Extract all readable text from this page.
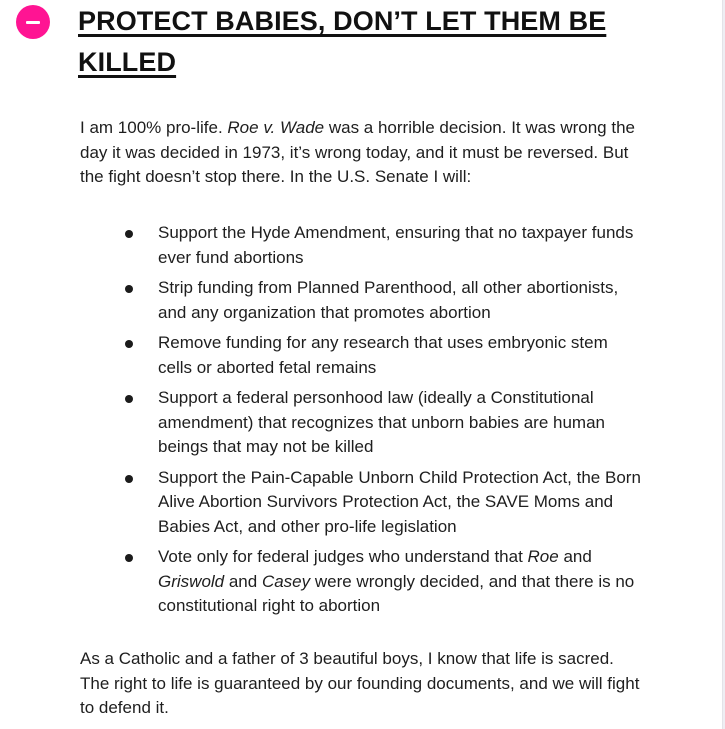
PROTECT BABIES, DON’T LET THEM BE KILLED

I am 100% pro-life. Roe v. Wade was a horrible decision. It was wrong the day it was decided in 1973, it’s wrong today, and it must be reversed. But the fight doesn’t stop there. In the U.S. Senate I will:

Support the Hyde Amendment, ensuring that no taxpayer funds ever fund abortions
Strip funding from Planned Parenthood, all other abortionists, and any organization that promotes abortion
Remove funding for any research that uses embryonic stem cells or aborted fetal remains
Support a federal personhood law (ideally a Constitutional amendment) that recognizes that unborn babies are human beings that may not be killed
Support the Pain-Capable Unborn Child Protection Act, the Born Alive Abortion Survivors Protection Act, the SAVE Moms and Babies Act, and other pro-life legislation
Vote only for federal judges who understand that Roe and Griswold and Casey were wrongly decided, and that there is no constitutional right to abortion

As a Catholic and a father of 3 beautiful boys, I know that life is sacred. The right to life is guaranteed by our founding documents, and we will fight to defend it.
